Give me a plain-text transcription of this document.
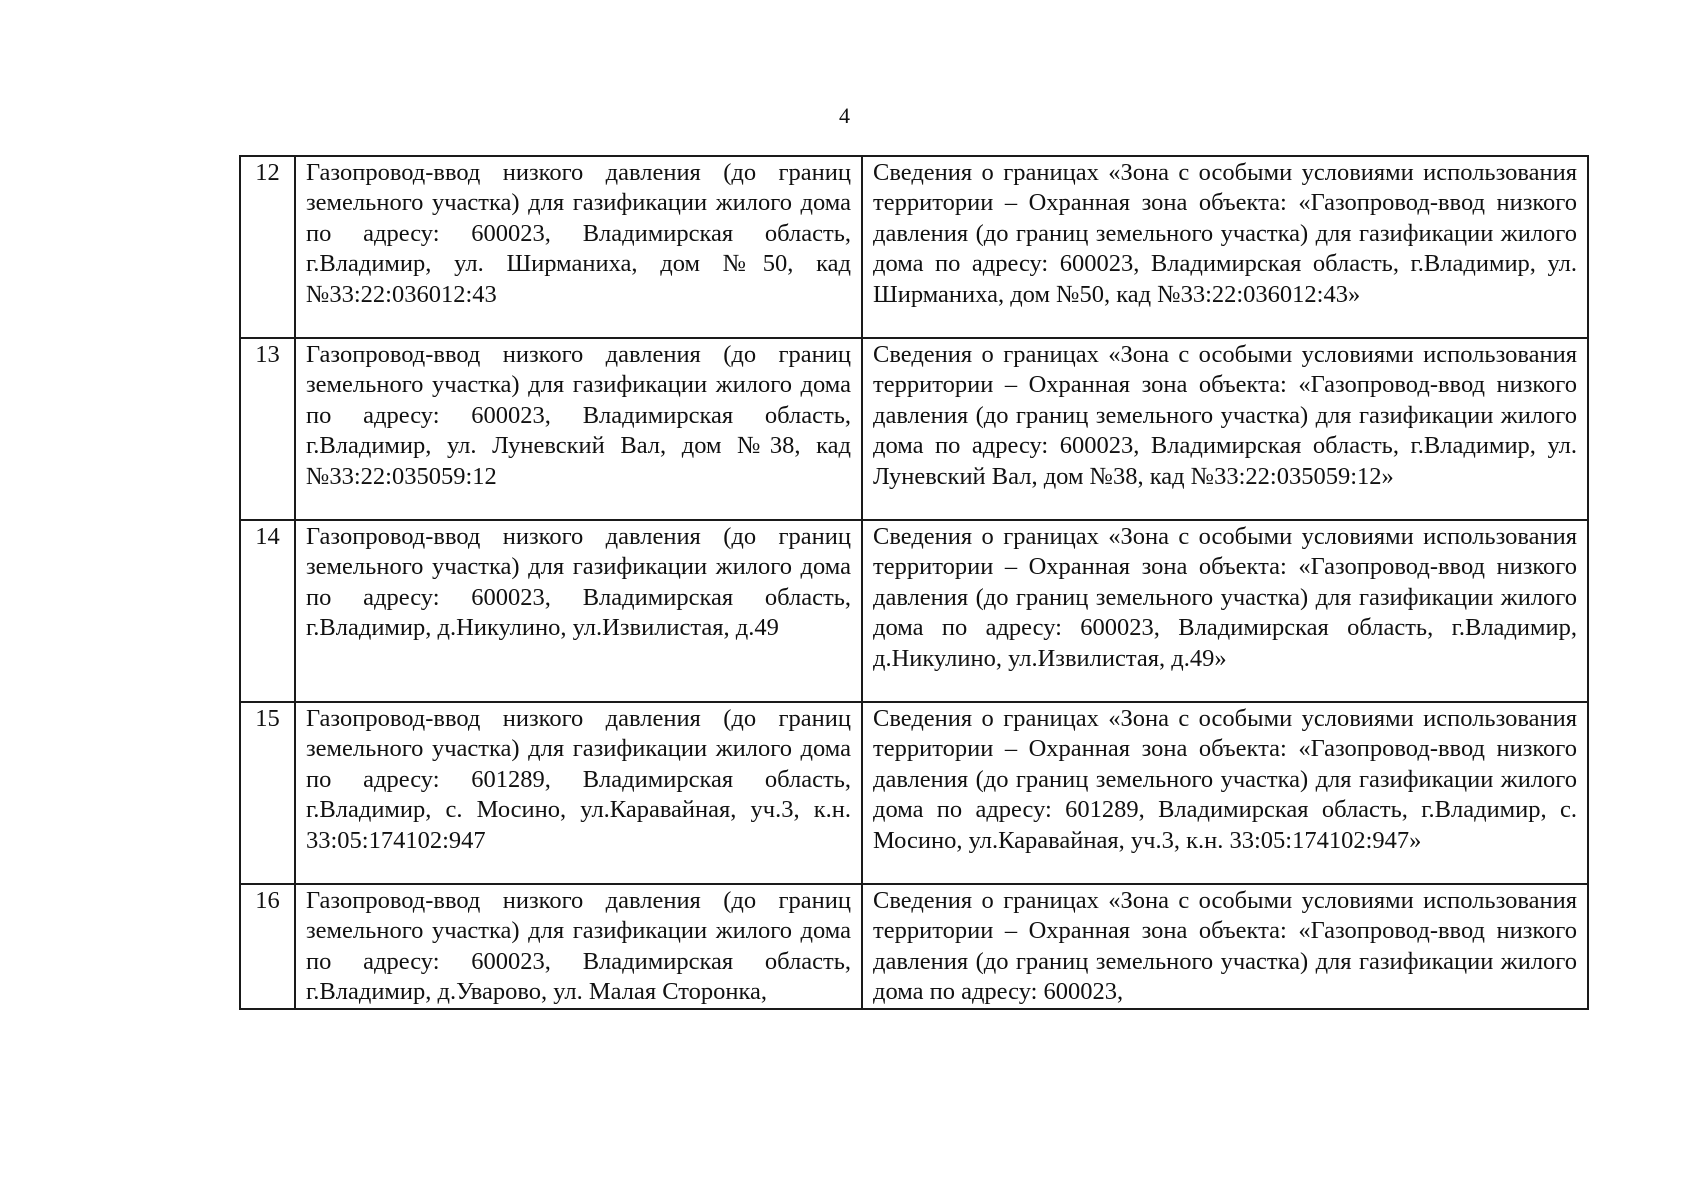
4
12	Газопровод-ввод низкого давления (до границ земельного участка) для газификации жилого дома по адресу: 600023, Владимирская область, г.Владимир, ул. Ширманиха, дом №50, кад №33:22:036012:43	Сведения о границах «Зона с особыми условиями использования территории – Охранная зона объекта: «Газопровод-ввод низкого давления (до границ земельного участка) для газификации жилого дома по адресу: 600023, Владимирская область, г.Владимир, ул. Ширманиха, дом №50, кад №33:22:036012:43»
13	Газопровод-ввод низкого давления (до границ земельного участка) для газификации жилого дома по адресу: 600023, Владимирская область, г.Владимир, ул. Луневский Вал, дом №38, кад №33:22:035059:12	Сведения о границах «Зона с особыми условиями использования территории – Охранная зона объекта: «Газопровод-ввод низкого давления (до границ земельного участка) для газификации жилого дома по адресу: 600023, Владимирская область, г.Владимир, ул. Луневский Вал, дом №38, кад №33:22:035059:12»
14	Газопровод-ввод низкого давления (до границ земельного участка) для газификации жилого дома по адресу: 600023, Владимирская область, г.Владимир, д.Никулино, ул.Извилистая, д.49	Сведения о границах «Зона с особыми условиями использования территории – Охранная зона объекта: «Газопровод-ввод низкого давления (до границ земельного участка) для газификации жилого дома по адресу: 600023, Владимирская область, г.Владимир, д.Никулино, ул.Извилистая, д.49»
15	Газопровод-ввод низкого давления (до границ земельного участка) для газификации жилого дома по адресу: 601289, Владимирская область, г.Владимир, с. Мосино, ул.Каравайная, уч.3, к.н. 33:05:174102:947	Сведения о границах «Зона с особыми условиями использования территории – Охранная зона объекта: «Газопровод-ввод низкого давления (до границ земельного участка) для газификации жилого дома по адресу: 601289, Владимирская область, г.Владимир, с. Мосино, ул.Каравайная, уч.3, к.н. 33:05:174102:947»
16	Газопровод-ввод низкого давления (до границ земельного участка) для газификации жилого дома по адресу: 600023, Владимирская область, г.Владимир, д.Уварово, ул. Малая Сторонка,	Сведения о границах «Зона с особыми условиями использования территории – Охранная зона объекта: «Газопровод-ввод низкого давления (до границ земельного участка) для газификации жилого дома по адресу: 600023,
